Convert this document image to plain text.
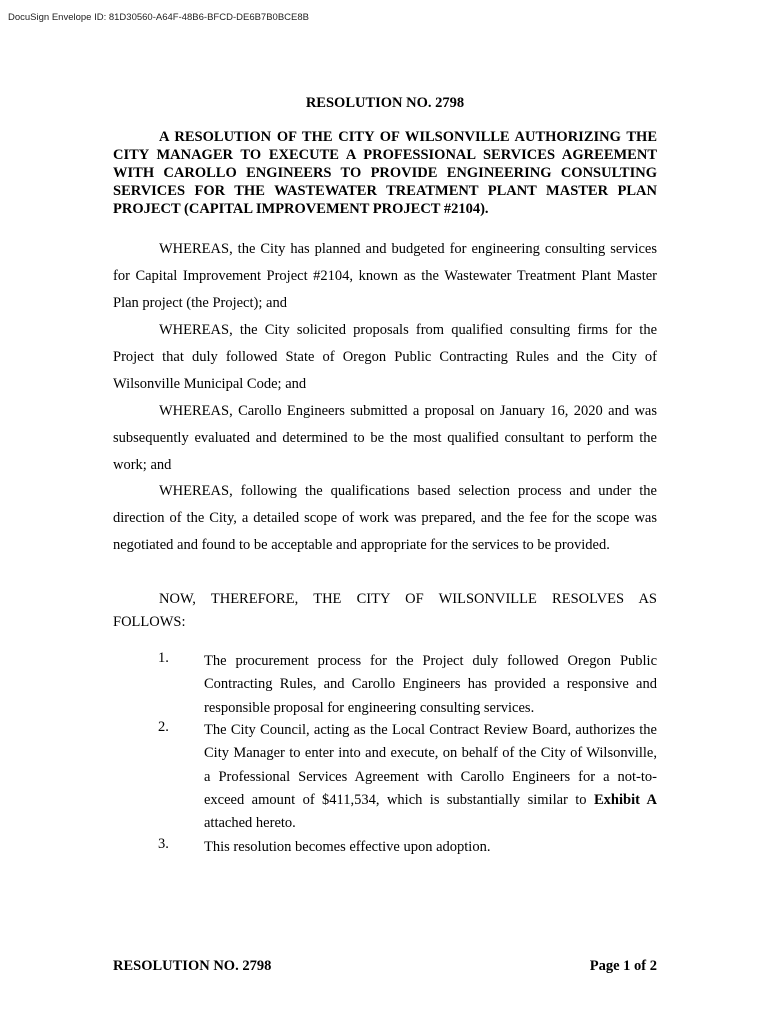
DocuSign Envelope ID: 81D30560-A64F-48B6-BFCD-DE6B7B0BCE8B
RESOLUTION NO. 2798
A RESOLUTION OF THE CITY OF WILSONVILLE AUTHORIZING THE CITY MANAGER TO EXECUTE A PROFESSIONAL SERVICES AGREEMENT WITH CAROLLO ENGINEERS TO PROVIDE ENGINEERING CONSULTING SERVICES FOR THE WASTEWATER TREATMENT PLANT MASTER PLAN PROJECT (CAPITAL IMPROVEMENT PROJECT #2104).
WHEREAS, the City has planned and budgeted for engineering consulting services for Capital Improvement Project #2104, known as the Wastewater Treatment Plant Master Plan project (the Project); and
WHEREAS, the City solicited proposals from qualified consulting firms for the Project that duly followed State of Oregon Public Contracting Rules and the City of Wilsonville Municipal Code; and
WHEREAS, Carollo Engineers submitted a proposal on January 16, 2020 and was subsequently evaluated and determined to be the most qualified consultant to perform the work; and
WHEREAS, following the qualifications based selection process and under the direction of the City, a detailed scope of work was prepared, and the fee for the scope was negotiated and found to be acceptable and appropriate for the services to be provided.
NOW, THEREFORE, THE CITY OF WILSONVILLE RESOLVES AS
FOLLOWS:
1. The procurement process for the Project duly followed Oregon Public Contracting Rules, and Carollo Engineers has provided a responsive and responsible proposal for engineering consulting services.
2. The City Council, acting as the Local Contract Review Board, authorizes the City Manager to enter into and execute, on behalf of the City of Wilsonville, a Professional Services Agreement with Carollo Engineers for a not-to-exceed amount of $411,534, which is substantially similar to Exhibit A attached hereto.
3. This resolution becomes effective upon adoption.
RESOLUTION NO. 2798	Page 1 of 2
